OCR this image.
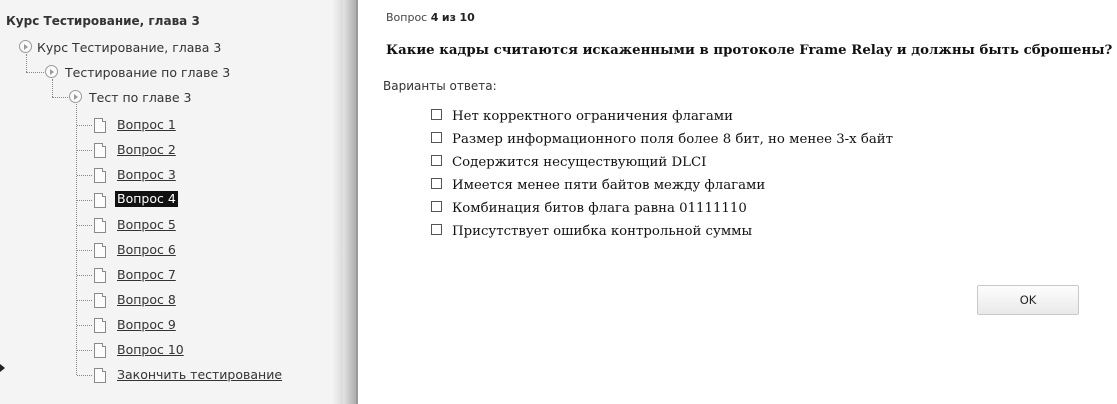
Курс Тестирование, глава 3
Курс Тестирование, глава 3
Тестирование по главе 3
Тест по главе 3
Вопрос 1
Вопрос 2
Вопрос 3
Вопрос 4
Вопрос 5
Вопрос 6
Вопрос 7
Вопрос 8
Вопрос 9
Вопрос 10
Закончить тестирование
Вопрос 4 из 10
Какие кадры считаются искаженными в протоколе Frame Relay и должны быть сброшены?
Варианты ответа:
Нет корректного ограничения флагами
Размер информационного поля более 8 бит, но менее 3-х байт
Содержится несуществующий DLCI
Имеется менее пяти байтов между флагами
Комбинация битов флага равна 01111110
Присутствует ошибка контрольной суммы
OK
